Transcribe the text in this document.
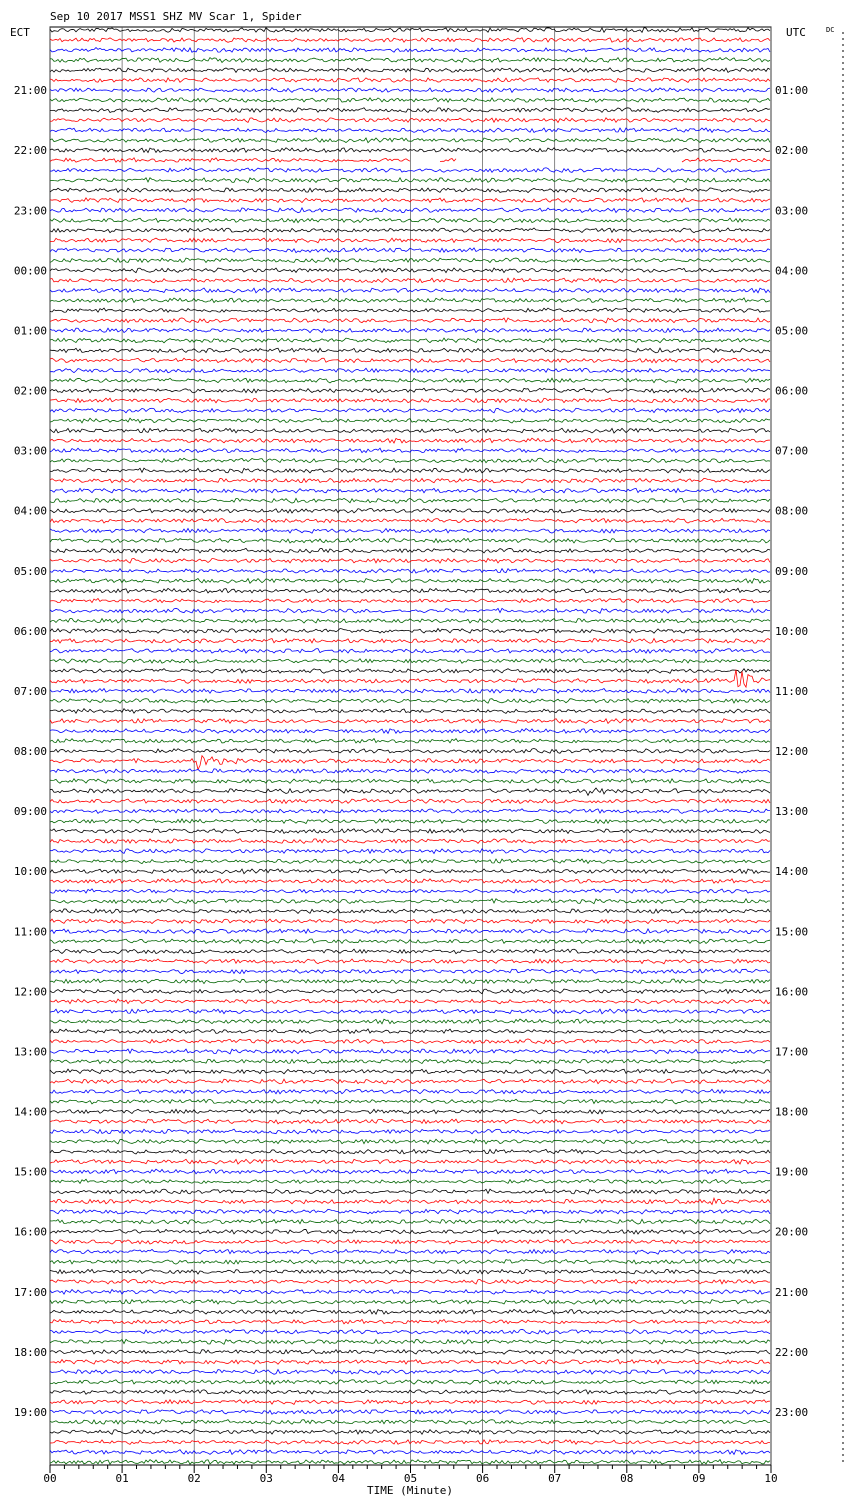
Sep 10 2017 MSS1 SHZ MV Scar 1, Spider
ECT	UTC	DC
21:00
22:00
23:00
00:00
01:00
02:00
03:00
04:00
05:00
06:00
07:00
08:00
09:00
10:00
11:00
12:00
13:00
14:00
15:00
16:00
17:00
18:00
19:00
01:00
02:00
03:00
04:00
05:00
06:00
07:00
08:00
09:00
10:00
11:00
12:00
13:00
14:00
15:00
16:00
17:00
18:00
19:00
20:00
21:00
22:00
23:00
00	01	02	03	04	05	06	07	08	09	10
TIME (Minute)
